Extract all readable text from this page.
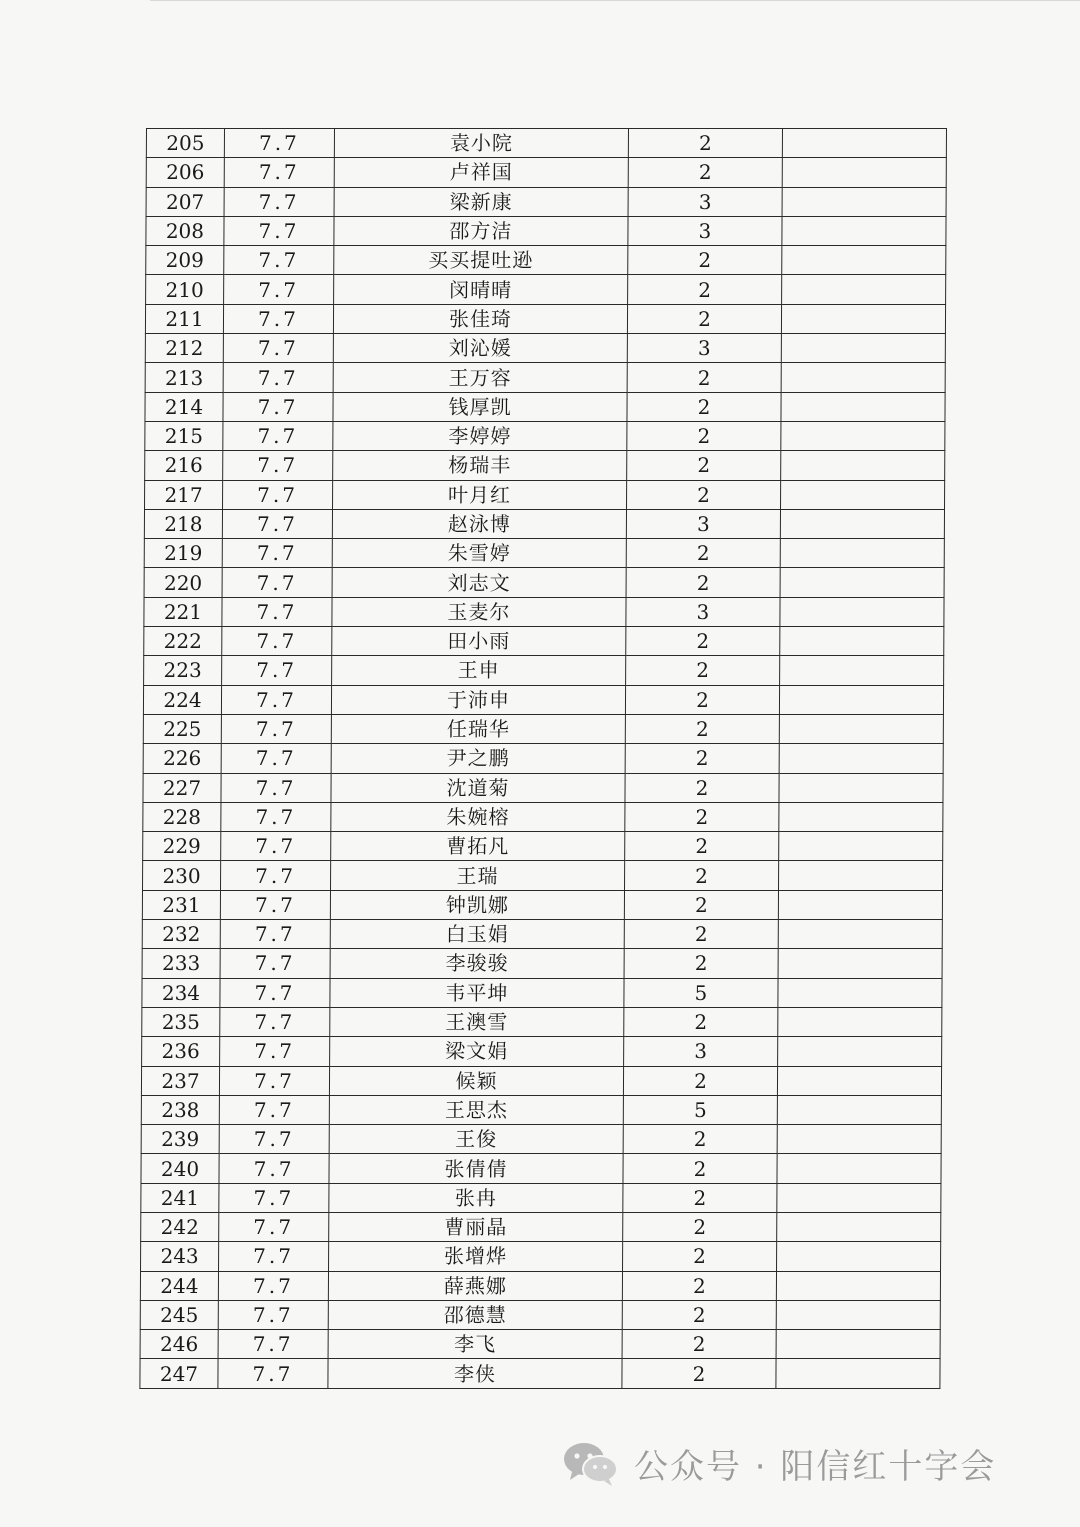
205	7.7	袁小院	2	
206	7.7	卢祥国	2	
207	7.7	梁新康	3	
208	7.7	邵方洁	3	
209	7.7	买买提吐逊	2	
210	7.7	闵晴晴	2	
211	7.7	张佳琦	2	
212	7.7	刘沁媛	3	
213	7.7	王万容	2	
214	7.7	钱厚凯	2	
215	7.7	李婷婷	2	
216	7.7	杨瑞丰	2	
217	7.7	叶月红	2	
218	7.7	赵泳博	3	
219	7.7	朱雪婷	2	
220	7.7	刘志文	2	
221	7.7	玉麦尔	3	
222	7.7	田小雨	2	
223	7.7	王申	2	
224	7.7	于沛申	2	
225	7.7	任瑞华	2	
226	7.7	尹之鹏	2	
227	7.7	沈道菊	2	
228	7.7	朱婉榕	2	
229	7.7	曹拓凡	2	
230	7.7	王瑞	2	
231	7.7	钟凯娜	2	
232	7.7	白玉娟	2	
233	7.7	李骏骏	2	
234	7.7	韦平坤	5	
235	7.7	王澳雪	2	
236	7.7	梁文娟	3	
237	7.7	候颖	2	
238	7.7	王思杰	5	
239	7.7	王俊	2	
240	7.7	张倩倩	2	
241	7.7	张冉	2	
242	7.7	曹丽晶	2	
243	7.7	张增烨	2	
244	7.7	薛燕娜	2	
245	7.7	邵德慧	2	
246	7.7	李飞	2	
247	7.7	李侠	2	
公众号 · 阳信红十字会
